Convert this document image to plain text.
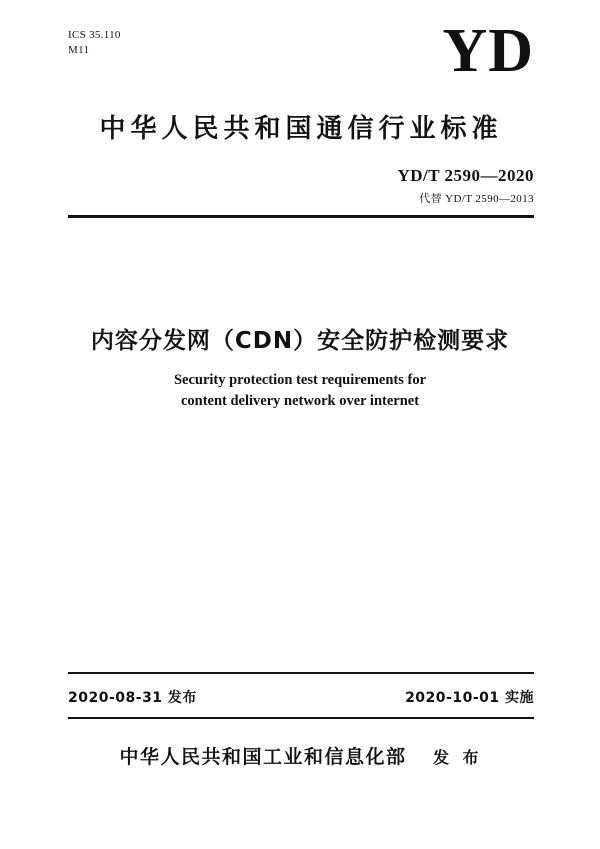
ICS 35.110
M11	YD
中华人民共和国通信行业标准
YD/T 2590—2020
代替 YD/T 2590—2013
内容分发网（CDN）安全防护检测要求
Security protection test requirements for
content delivery network over internet
2020-08-31 发布	2020-10-01 实施
中华人民共和国工业和信息化部 发 布
